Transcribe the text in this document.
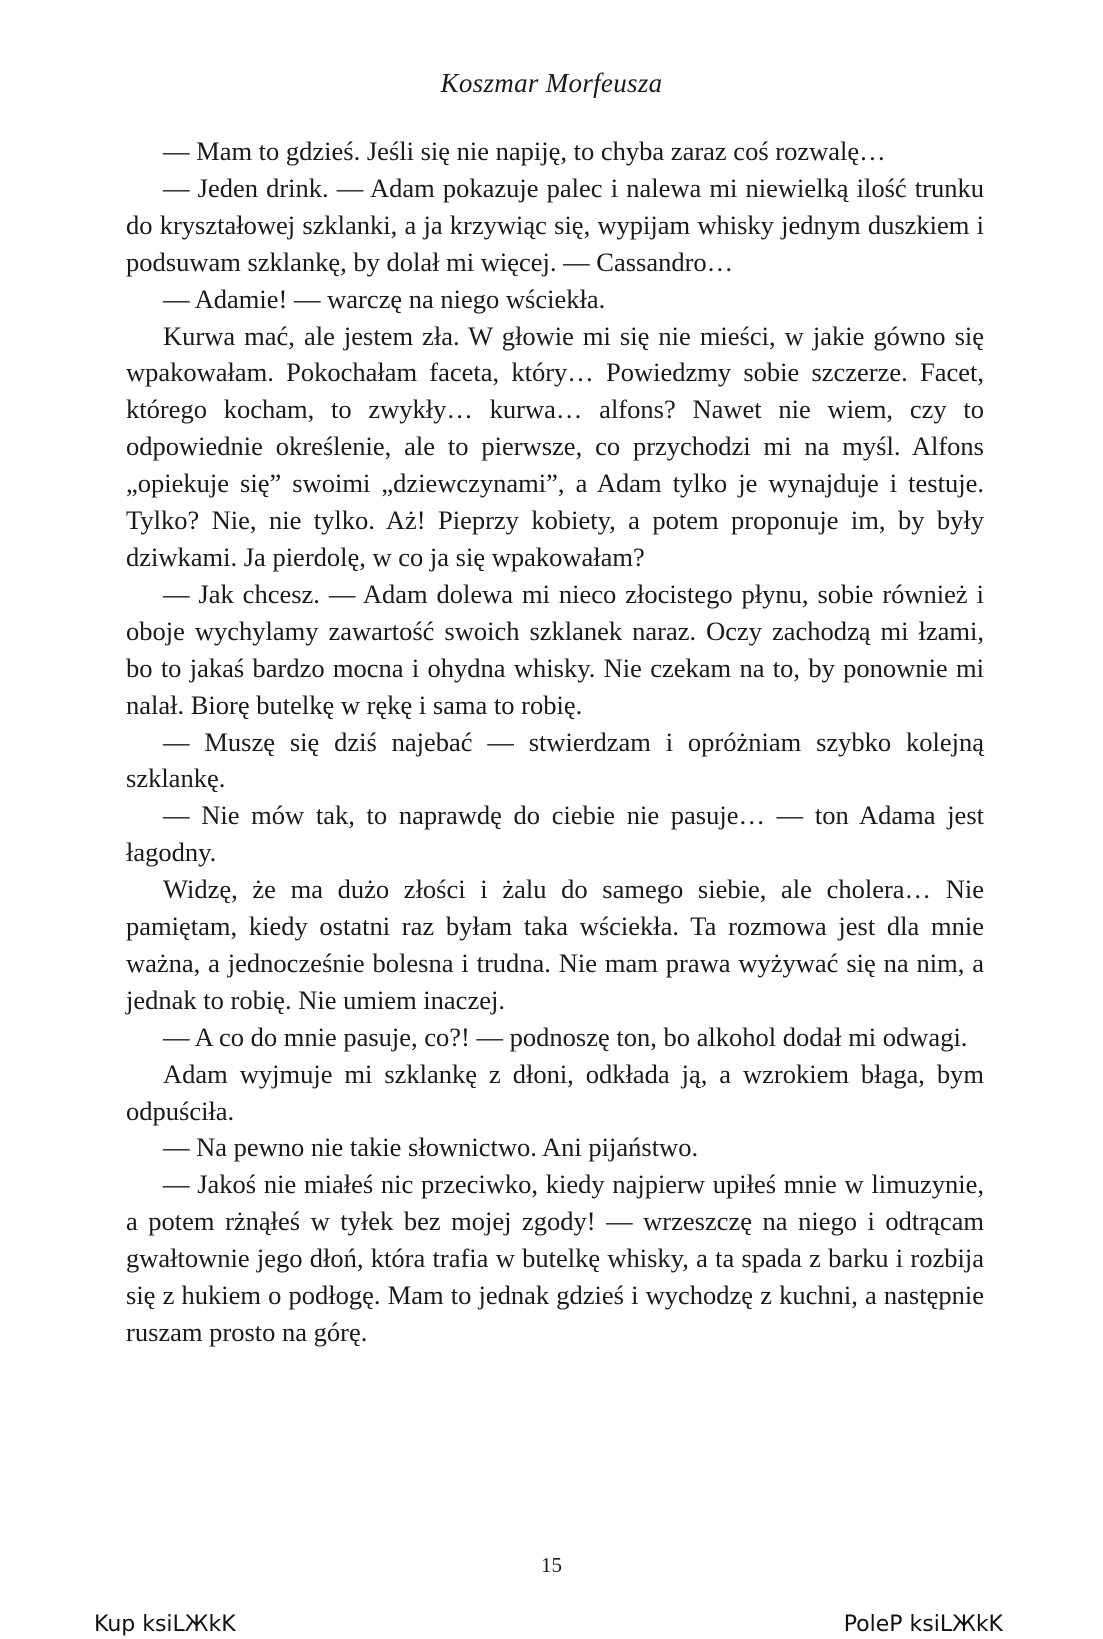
Koszmar Morfeusza

— Mam to gdzieś. Jeśli się nie napiję, to chyba zaraz coś rozwalę…

— Jeden drink. — Adam pokazuje palec i nalewa mi niewielką ilość trunku do kryształowej szklanki, a ja krzywiąc się, wypijam whisky jednym duszkiem i podsuwam szklankę, by dolał mi więcej. — Cassandro…

— Adamie! — warczę na niego wściekła.

Kurwa mać, ale jestem zła. W głowie mi się nie mieści, w jakie gówno się wpakowałam. Pokochałam faceta, który… Powiedzmy sobie szczerze. Facet, którego kocham, to zwykły… kurwa… alfons? Nawet nie wiem, czy to odpowiednie określenie, ale to pierwsze, co przychodzi mi na myśl. Alfons „opiekuje się” swoimi „dziewczynami”, a Adam tylko je wynajduje i testuje. Tylko? Nie, nie tylko. Aż! Pieprzy kobiety, a potem proponuje im, by były dziwkami. Ja pierdolę, w co ja się wpakowałam?

— Jak chcesz. — Adam dolewa mi nieco złocistego płynu, sobie również i oboje wychylamy zawartość swoich szklanek naraz. Oczy zachodzą mi łzami, bo to jakaś bardzo mocna i ohydna whisky. Nie czekam na to, by ponownie mi nalał. Biorę butelkę w rękę i sama to robię.

— Muszę się dziś najebać — stwierdzam i opróżniam szybko kolejną szklankę.

— Nie mów tak, to naprawdę do ciebie nie pasuje… — ton Adama jest łagodny.

Widzę, że ma dużo złości i żalu do samego siebie, ale cholera… Nie pamiętam, kiedy ostatni raz byłam taka wściekła. Ta rozmowa jest dla mnie ważna, a jednocześnie bolesna i trudna. Nie mam prawa wyżywać się na nim, a jednak to robię. Nie umiem inaczej.

— A co do mnie pasuje, co?! — podnoszę ton, bo alkohol dodał mi odwagi.

Adam wyjmuje mi szklankę z dłoni, odkłada ją, a wzrokiem błaga, bym odpuściła.

— Na pewno nie takie słownictwo. Ani pijaństwo.

— Jakoś nie miałeś nic przeciwko, kiedy najpierw upiłeś mnie w limuzynie, a potem rżnąłeś w tyłek bez mojej zgody! — wrzeszczę na niego i odtrącam gwałtownie jego dłoń, która trafia w butelkę whisky, a ta spada z barku i rozbija się z hukiem o podłogę. Mam to jednak gdzieś i wychodzę z kuchni, a następnie ruszam prosto na górę.

15
Kup ksiLЖkK	PoleP ksiLЖkK
